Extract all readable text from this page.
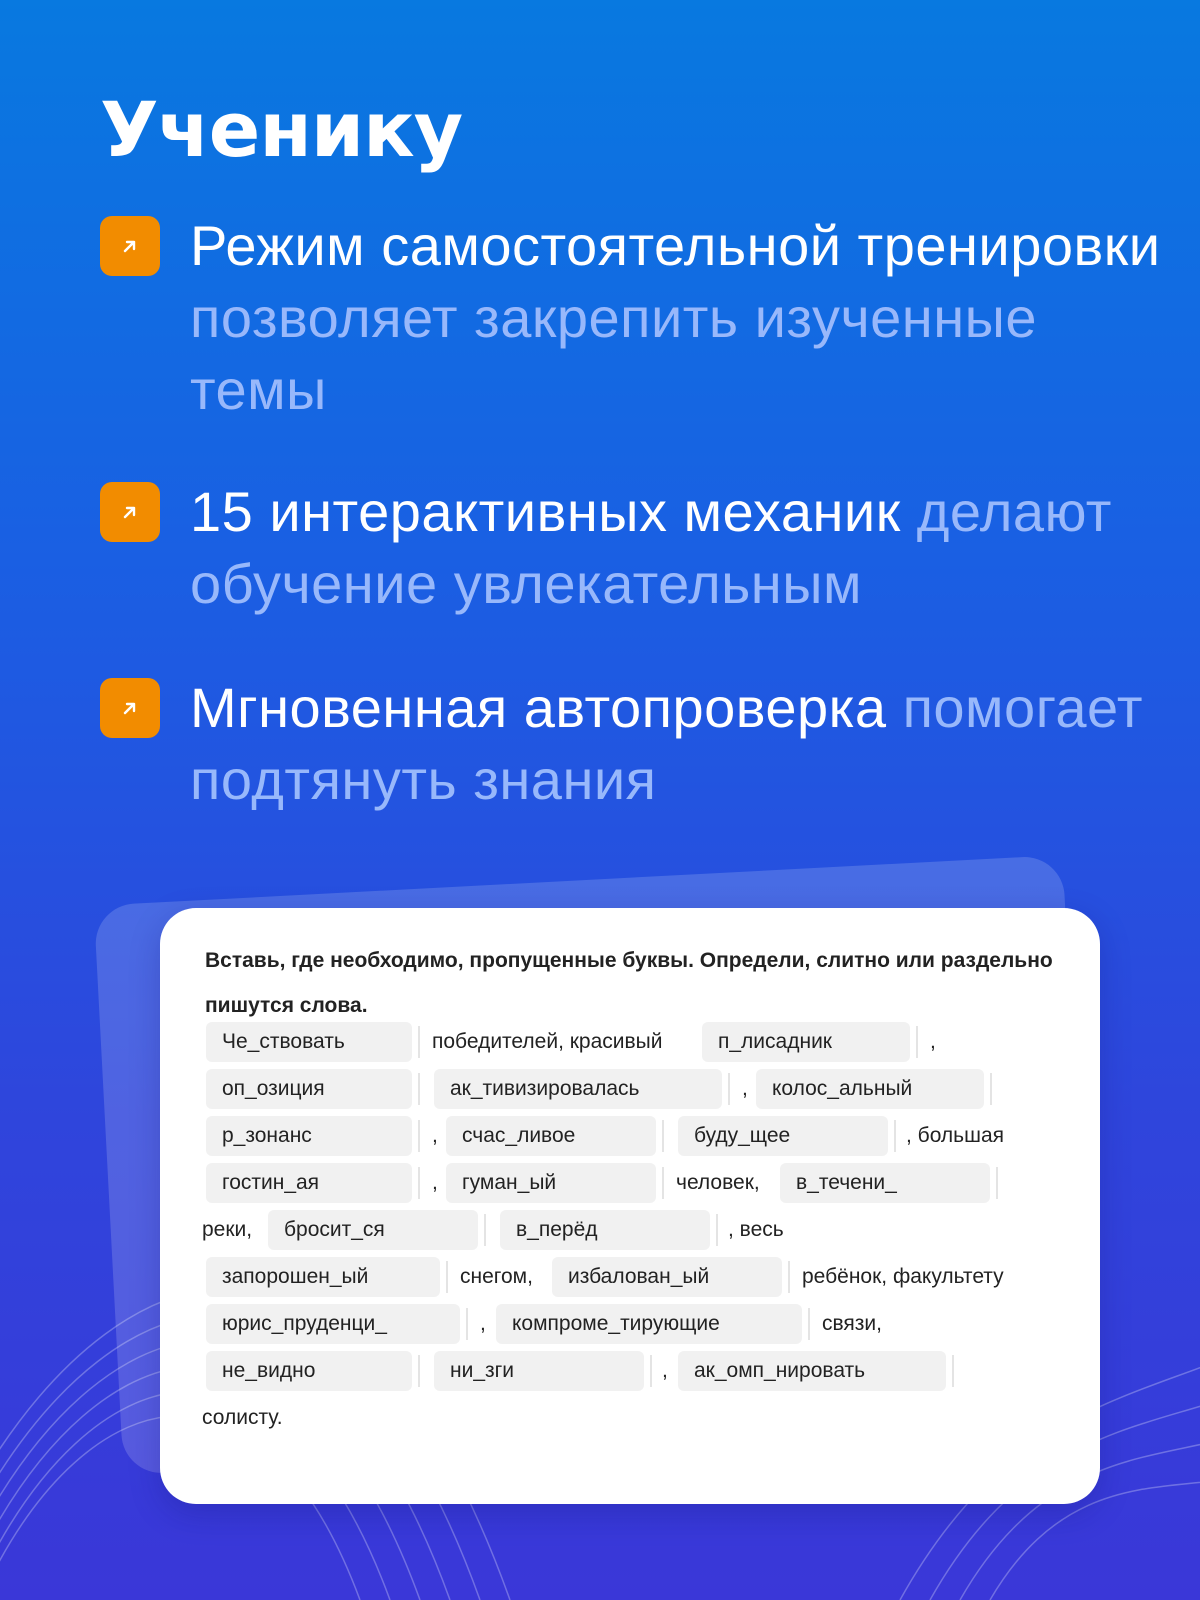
Ученику
Режим самостоятельной тренировки позволяет закрепить изученные темы
15 интерактивных механик делают обучение увлекательным
Мгновенная автопроверка помогает подтянуть знания
Вставь, где необходимо, пропущенные буквы. Определи, слитно или раздельно пишутся слова.
Че_ствовать	победителей, красивый	п_лисадник	,
оп_озиция	ак_тивизировалась	,	колос_альный
р_зонанс	,	счас_ливое	буду_щее	, большая
гостин_ая	,	гуман_ый	человек,	в_течени_
реки,	бросит_ся	в_перёд	, весь
запорошен_ый	снегом,	избалован_ый	ребёнок, факультету
юрис_пруденци_	,	компроме_тирующие	связи,
не_видно	ни_зги	,	ак_омп_нировать
солисту.
